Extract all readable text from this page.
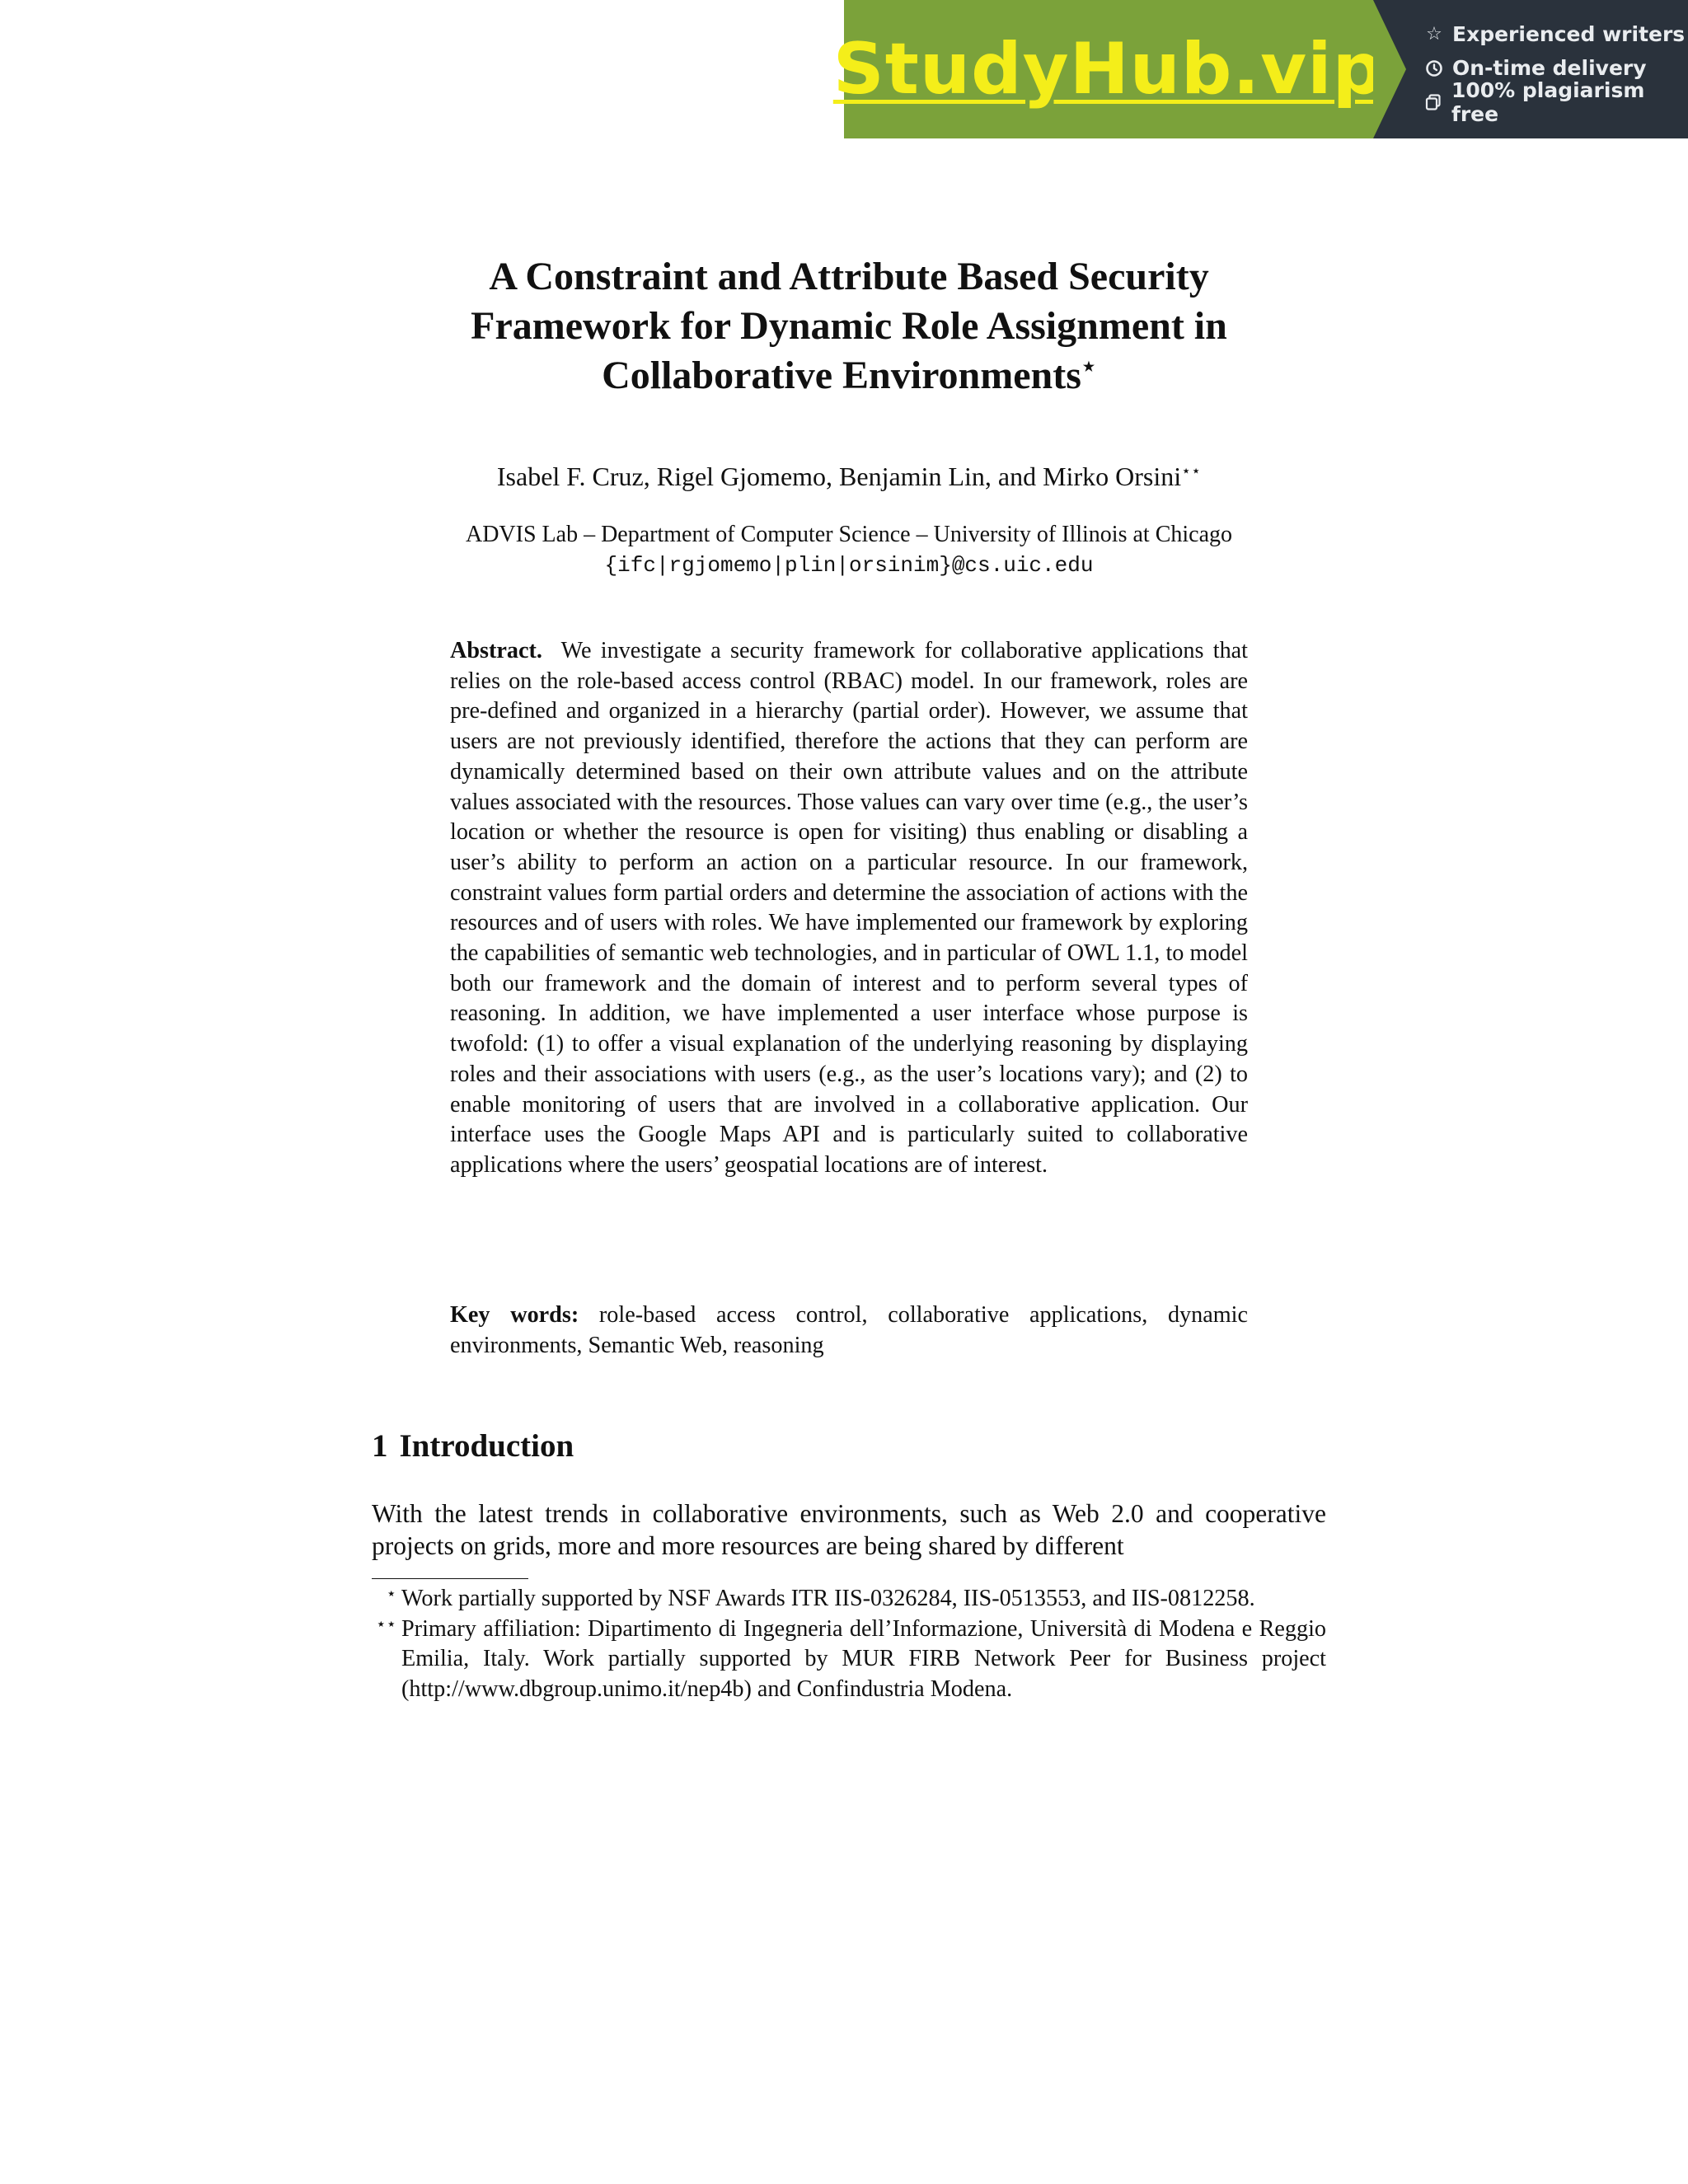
StudyHub.vip ☆ Experienced writers
On-time delivery
100% plagiarism free
A Constraint and Attribute Based Security
Framework for Dynamic Role Assignment in
Collaborative Environments⋆
Isabel F. Cruz, Rigel Gjomemo, Benjamin Lin, and Mirko Orsini⋆⋆
ADVIS Lab – Department of Computer Science – University of Illinois at Chicago
{ifc|rgjomemo|plin|orsinim}@cs.uic.edu

Abstract. We investigate a security framework for collaborative applications that relies on the role-based access control (RBAC) model. In our framework, roles are pre-defined and organized in a hierarchy (partial order). However, we assume that users are not previously identified, therefore the actions that they can perform are dynamically determined based on their own attribute values and on the attribute values associated with the resources. Those values can vary over time (e.g., the user’s location or whether the resource is open for visiting) thus enabling or disabling a user’s ability to perform an action on a particular resource. In our framework, constraint values form partial orders and determine the association of actions with the resources and of users with roles. We have implemented our framework by exploring the capabilities of semantic web technologies, and in particular of OWL 1.1, to model both our framework and the domain of interest and to perform several types of reasoning. In addition, we have implemented a user interface whose purpose is twofold: (1) to offer a visual explanation of the underlying reasoning by displaying roles and their associations with users (e.g., as the user’s locations vary); and (2) to enable monitoring of users that are involved in a collaborative application. Our interface uses the Google Maps API and is particularly suited to collaborative applications where the users’ geospatial locations are of interest.

Key words: role-based access control, collaborative applications, dynamic environments, Semantic Web, reasoning

1 Introduction

With the latest trends in collaborative environments, such as Web 2.0 and cooperative projects on grids, more and more resources are being shared by different

⋆ Work partially supported by NSF Awards ITR IIS-0326284, IIS-0513553, and IIS-0812258.

⋆⋆ Primary affiliation: Dipartimento di Ingegneria dell’Informazione, Università di Modena e Reggio Emilia, Italy. Work partially supported by MUR FIRB Network Peer for Business project (http://www.dbgroup.unimo.it/nep4b) and Confindustria Modena.
